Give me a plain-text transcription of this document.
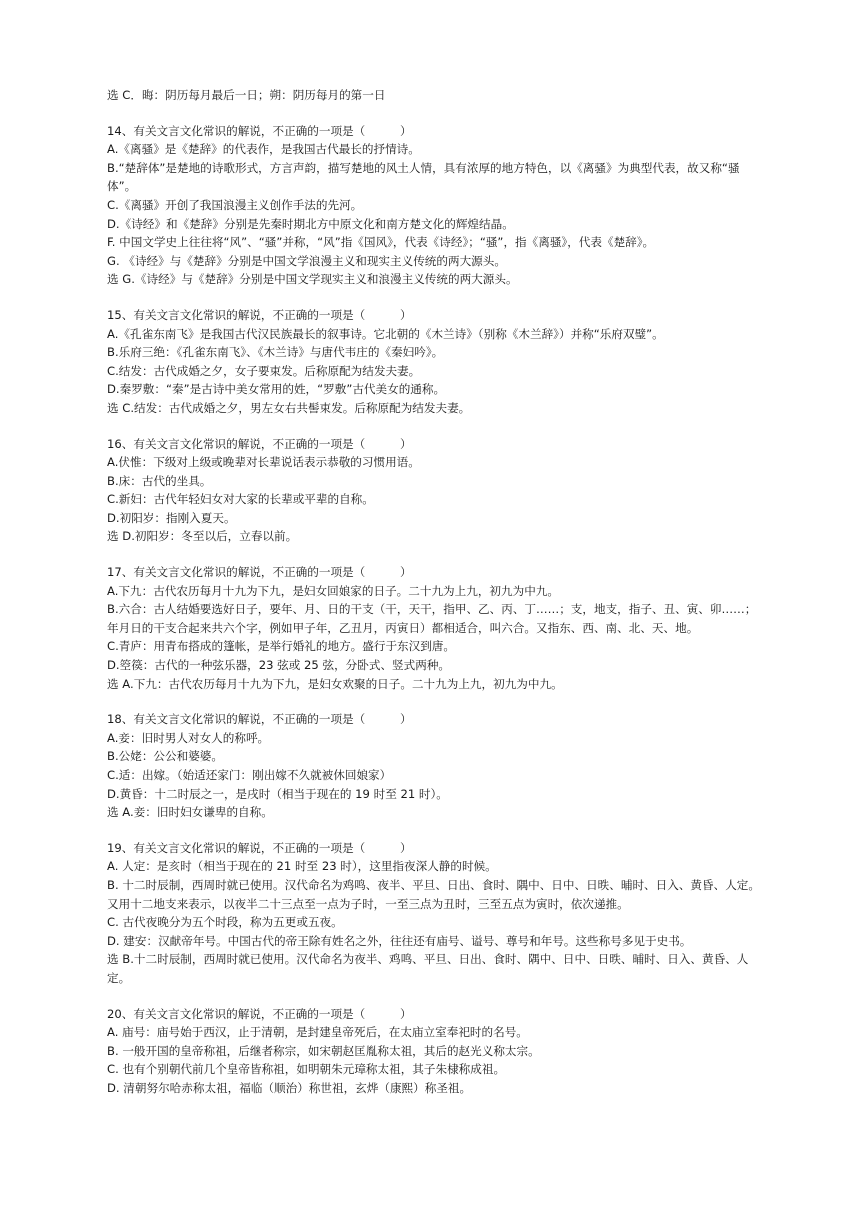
选 C．晦：阴历每月最后一日；朔：阴历每月的第一日

14、有关文言文化常识的解说，不正确的一项是（　　　）

A.《离骚》是《楚辞》的代表作，是我国古代最长的抒情诗。

B.“楚辞体”是楚地的诗歌形式，方言声韵，描写楚地的风土人情，具有浓厚的地方特色，以《离骚》为典型代表，故又称“骚体”。

C.《离骚》开创了我国浪漫主义创作手法的先河。

D.《诗经》和《楚辞》分别是先秦时期北方中原文化和南方楚文化的辉煌结晶。

F. 中国文学史上往往将“风”、“骚”并称，“风”指《国风》，代表《诗经》；“骚”，指《离骚》，代表《楚辞》。

G. 《诗经》与《楚辞》分别是中国文学浪漫主义和现实主义传统的两大源头。

选 G.《诗经》与《楚辞》分别是中国文学现实主义和浪漫主义传统的两大源头。

15、有关文言文化常识的解说，不正确的一项是（　　　）

A.《孔雀东南飞》是我国古代汉民族最长的叙事诗。它北朝的《木兰诗》（别称《木兰辞》）并称“乐府双璧”。

B.乐府三绝：《孔雀东南飞》、《木兰诗》与唐代韦庄的《秦妇吟》。

C.结发：古代成婚之夕，女子要束发。后称原配为结发夫妻。

D.秦罗敷：“秦”是古诗中美女常用的姓，“罗敷”古代美女的通称。

选 C.结发：古代成婚之夕，男左女右共髻束发。后称原配为结发夫妻。

16、有关文言文化常识的解说，不正确的一项是（　　　）

A.伏惟：下级对上级或晚辈对长辈说话表示恭敬的习惯用语。

B.床：古代的坐具。

C.新妇：古代年轻妇女对大家的长辈或平辈的自称。

D.初阳岁：指刚入夏天。

选 D.初阳岁：冬至以后，立春以前。

17、有关文言文化常识的解说，不正确的一项是（　　　）

A.下九：古代农历每月十九为下九，是妇女回娘家的日子。二十九为上九，初九为中九。

B.六合：古人结婚要选好日子，要年、月、日的干支（干，天干，指甲、乙、丙、丁……；支，地支，指子、丑、寅、卯……；年月日的干支合起来共六个字，例如甲子年，乙丑月，丙寅日）都相适合，叫六合。又指东、西、南、北、天、地。

C.青庐：用青布搭成的篷帐，是举行婚礼的地方。盛行于东汉到唐。

D.箜篌：古代的一种弦乐器，23 弦或 25 弦，分卧式、竖式两种。

选 A.下九：古代农历每月十九为下九，是妇女欢聚的日子。二十九为上九，初九为中九。

18、有关文言文化常识的解说，不正确的一项是（　　　）

A.妾：旧时男人对女人的称呼。

B.公姥：公公和婆婆。

C.适：出嫁。（始适还家门：刚出嫁不久就被休回娘家）

D.黄昏：十二时辰之一，是戌时（相当于现在的 19 时至 21 时）。

选 A.妾：旧时妇女谦卑的自称。

19、有关文言文化常识的解说，不正确的一项是（　　　）

A. 人定：是亥时（相当于现在的 21 时至 23 时），这里指夜深人静的时候。

B. 十二时辰制，西周时就已使用。汉代命名为鸡鸣、夜半、平旦、日出、食时、隅中、日中、日昳、晡时、日入、黄昏、人定。又用十二地支来表示，以夜半二十三点至一点为子时，一至三点为丑时，三至五点为寅时，依次递推。

C. 古代夜晚分为五个时段，称为五更或五夜。

D. 建安：汉献帝年号。中国古代的帝王除有姓名之外，往往还有庙号、谥号、尊号和年号。这些称号多见于史书。

选 B.十二时辰制，西周时就已使用。汉代命名为夜半、鸡鸣、平旦、日出、食时、隅中、日中、日昳、晡时、日入、黄昏、人定。

20、有关文言文化常识的解说，不正确的一项是（　　　）

A. 庙号：庙号始于西汉，止于清朝，是封建皇帝死后，在太庙立室奉祀时的名号。

B. 一般开国的皇帝称祖，后继者称宗，如宋朝赵匡胤称太祖，其后的赵光义称太宗。

C. 也有个别朝代前几个皇帝皆称祖，如明朝朱元璋称太祖，其子朱棣称成祖。

D. 清朝努尔哈赤称太祖，福临（顺治）称世祖，玄烨（康熙）称圣祖。
